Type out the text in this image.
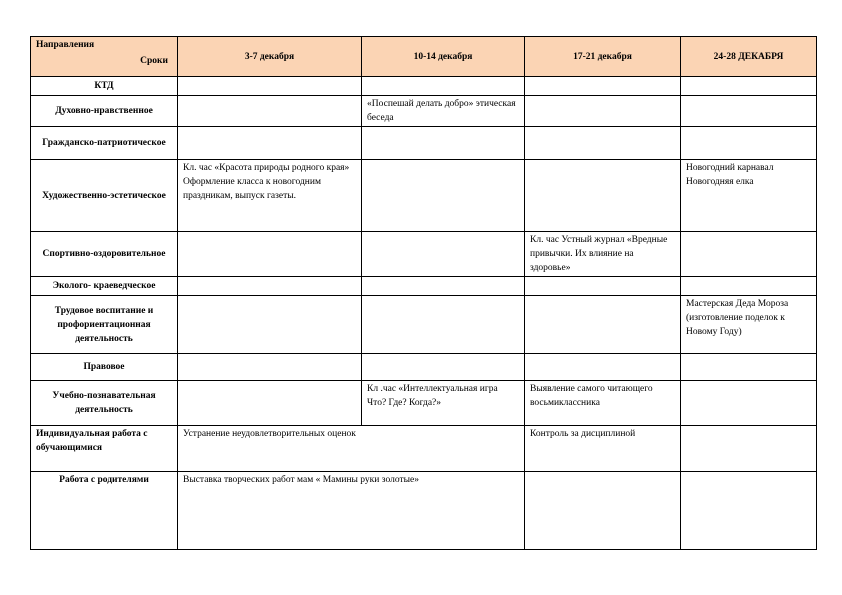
Направления
Сроки	3-7 декабря	10-14 декабря	17-21 декабря	24-28 ДЕКАБРЯ
КТД				
Духовно-нравственное		«Поспешай делать добро» этическая беседа		
Гражданско-патриотическое				
Художественно-эстетическое	Кл. час «Красота природы родного края» Оформление класса к новогодним праздникам, выпуск газеты.			Новогодний карнавал Новогодняя елка
Спортивно-оздоровительное			Кл. час Устный журнал «Вредные привычки. Их влияние на здоровье»	
Эколого- краеведческое				
Трудовое воспитание и профориентационная деятельность				Мастерская Деда Мороза (изготовление поделок к Новому Году)
Правовое				
Учебно-познавательная деятельность		Кл .час «Интеллектуальная игра Что? Где? Когда?»	Выявление самого читающего восьмиклассника	
Индивидуальная работа с обучающимися	Устранение неудовлетворительных оценок		Контроль за дисциплиной	
Работа с родителями	Выставка творческих работ мам « Мамины руки золотые»			
